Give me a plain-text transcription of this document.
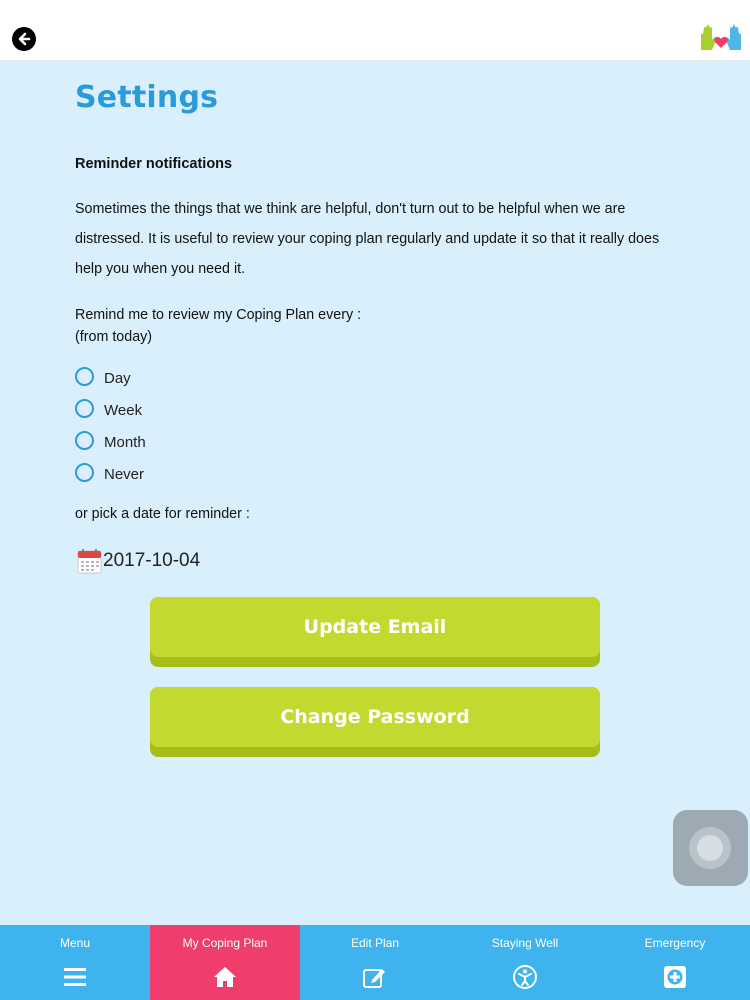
Settings
Reminder notifications
Sometimes the things that we think are helpful, don't turn out to be helpful when we are distressed. It is useful to review your coping plan regularly and update it so that it really does help you when you need it.
Remind me to review my Coping Plan every :
(from today)
Day
Week
Month
Never
or pick a date for reminder :
2017-10-04
Update Email
Change Password
Menu	My Coping Plan	Edit Plan	Staying Well	Emergency
